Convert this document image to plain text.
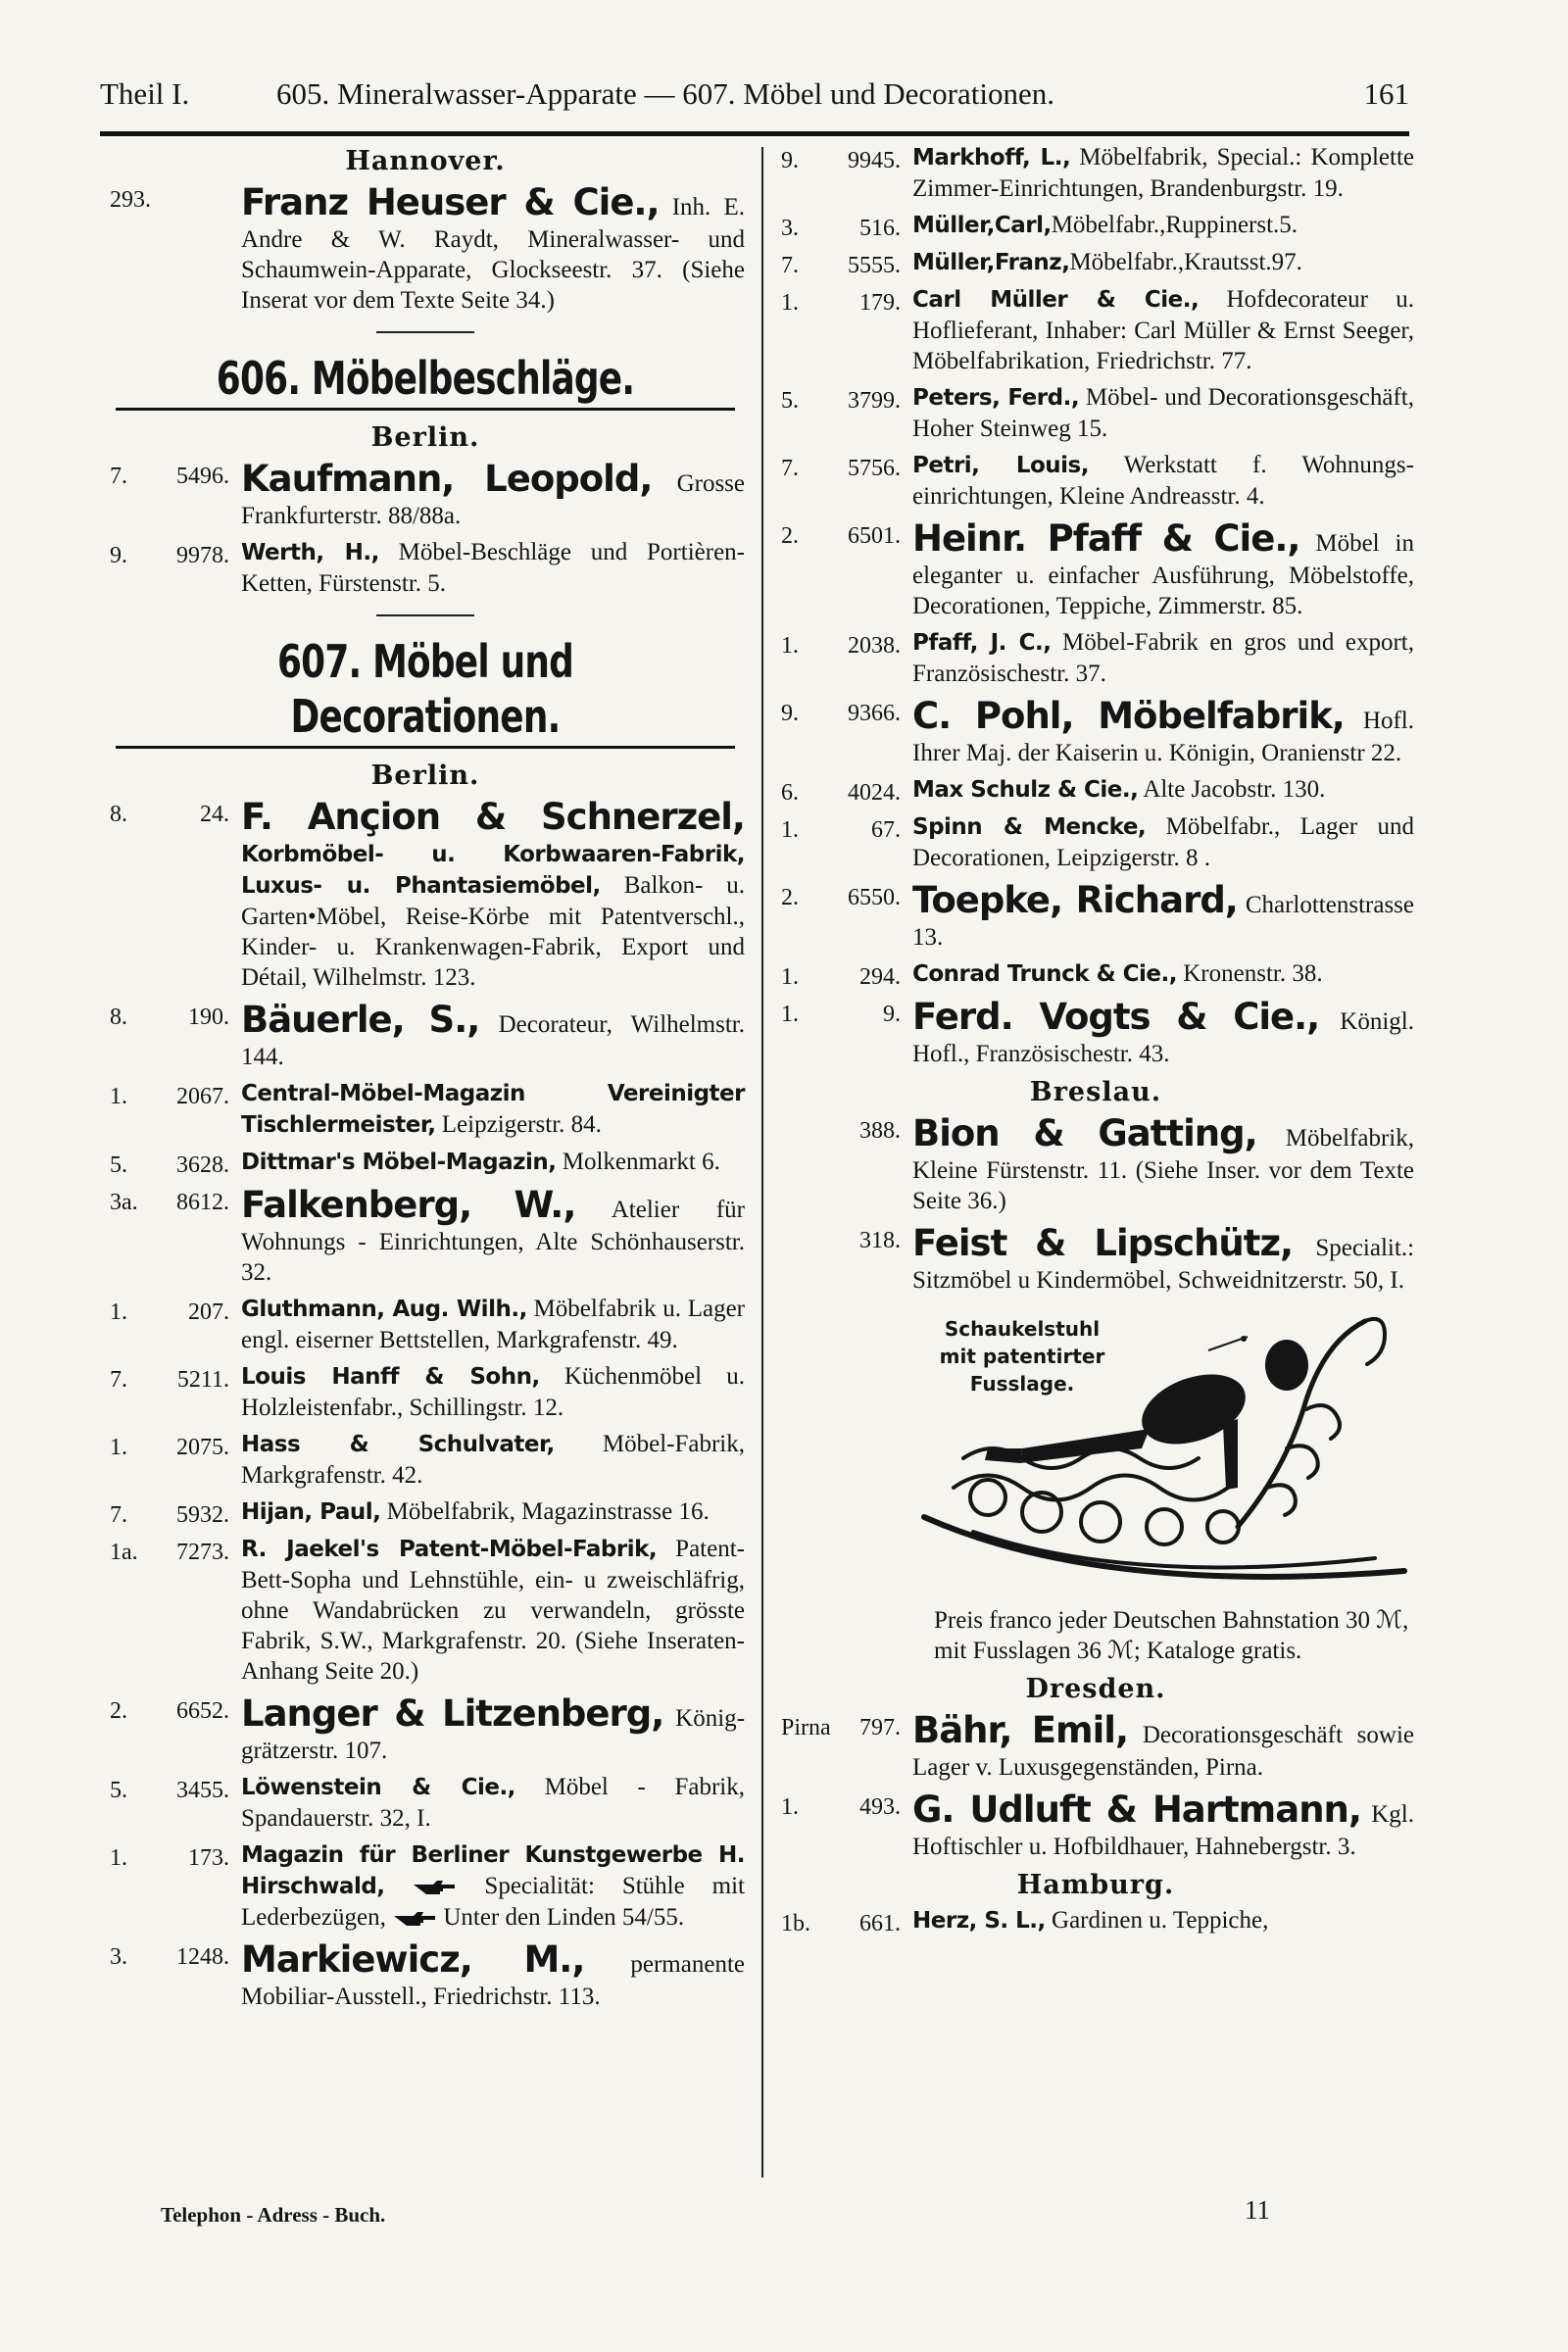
Theil I.	605. Mineralwasser-Apparate — 607. Möbel und Decorationen.	161
Hannover.
293. Franz Heuser & Cie., Inh. E. Andre & W. Raydt, Mineralwasser- und Schaumwein-Apparate, Glockseestr. 37. (Siehe Inserat vor dem Texte Seite 34.)
606. Möbelbeschläge.
Berlin.
7. 5496. Kaufmann, Leopold, Grosse Frankfurterstr. 88/88a.
9. 9978. Werth, H., Möbel-Beschläge und Portièren-Ketten, Fürstenstr. 5.
607. Möbel und Decorationen.
Berlin.
8.	24. F. Ançion & Schnerzel, Korbmöbel- u. Korbwaaren-Fabrik, Luxus- u. Phantasiemöbel, Balkon- u. Garten•Möbel, Reise-Körbe mit Patentverschl., Kinder- u. Krankenwagen-Fabrik, Export und Détail, Wilhelmstr. 123.
8.	190. Bäuerle, S., Decorateur, Wilhelmstr. 144.
1. 2067. Central-Möbel-Magazin Vereinigter Tischlermeister, Leipzigerstr. 84.
5. 3628. Dittmar's Möbel-Magazin, Molkenmarkt 6.
3a. 8612. Falkenberg, W., Atelier für Wohnungs - Einrichtungen, Alte Schönhauserstr. 32.
1.	207. Gluthmann, Aug. Wilh., Möbelfabrik u. Lager engl. eiserner Bettstellen, Markgrafenstr. 49.
7. 5211. Louis Hanff & Sohn, Küchenmöbel u. Holzleistenfabr., Schillingstr. 12.
1. 2075. Hass & Schulvater, Möbel-Fabrik, Markgrafenstr. 42.
7. 5932. Hijan, Paul, Möbelfabrik, Magazinstrasse 16.
1a. 7273. R. Jaekel's Patent-Möbel-Fabrik, Patent-Bett-Sopha und Lehnstühle, ein- u zweischläfrig, ohne Wandabrücken zu verwandeln, grösste Fabrik, S.W., Markgrafenstr. 20. (Siehe Inseraten-Anhang Seite 20.)
2. 6652. Langer & Litzenberg, Königgrätzerstr. 107.
5. 3455. Löwenstein & Cie., Möbel - Fabrik, Spandauerstr. 32, I.
1.	173. Magazin für Berliner Kunstgewerbe H. Hirschwald,	Specialität: Stühle mit Lederbezügen,  Unter den Linden 54/55.
3. 1248. Markiewicz, M., permanente Mobiliar-Ausstell., Friedrichstr. 113.
9. 9945. Markhoff, L., Möbelfabrik, Special.: Komplette Zimmer-Einrichtungen, Brandenburgstr. 19.
3.	516. Müller,Carl,Möbelfabr.,Ruppinerst.5.
7. 5555. Müller,Franz,Möbelfabr.,Krautsst.97.
1.	179. Carl Müller & Cie., Hofdecorateur u. Hoflieferant, Inhaber: Carl Müller & Ernst Seeger, Möbelfabrikation, Friedrichstr. 77.
5. 3799. Peters, Ferd., Möbel- und Decorationsgeschäft, Hoher Steinweg 15.
7. 5756. Petri, Louis, Werkstatt f. Wohnungseinrichtungen, Kleine Andreasstr. 4.
2. 6501. Heinr. Pfaff & Cie., Möbel in eleganter u. einfacher Ausführung, Möbelstoffe, Decorationen, Teppiche, Zimmerstr. 85.
1. 2038. Pfaff, J. C., Möbel-Fabrik en gros und export, Französischestr. 37.
9. 9366. C. Pohl, Möbelfabrik, Hofl. Ihrer Maj. der Kaiserin u. Königin, Oranienstr 22.
6. 4024. Max Schulz & Cie., Alte Jacobstr. 130.
1.	67. Spinn & Mencke, Möbelfabr., Lager und Decorationen, Leipzigerstr. 8 .
2. 6550. Toepke, Richard, Charlottenstrasse 13.
1.	294. Conrad Trunck & Cie., Kronenstr. 38.
1.	9. Ferd. Vogts & Cie., Königl. Hofl., Französischestr. 43.
Breslau.
388. Bion & Gatting, Möbelfabrik, Kleine Fürstenstr. 11. (Siehe Inser. vor dem Texte Seite 36.)
318. Feist & Lipschütz, Specialit.: Sitzmöbel u Kindermöbel, Schweidnitzerstr. 50, I.
Schaukelstuhl
mit patentirter
Fusslage.
Preis franco jeder Deutschen Bahnstation 30 ℳ, mit Fusslagen 36 ℳ; Kataloge gratis.
Dresden.
Pirna 797. Bähr, Emil, Decorationsgeschäft sowie Lager v. Luxusgegenständen, Pirna.
1.	493. G. Udluft & Hartmann, Kgl. Hoftischler u. Hofbildhauer, Hahnebergstr. 3.
Hamburg.
1b. 661. Herz, S. L., Gardinen u. Teppiche,
Telephon - Adress - Buch.	11
